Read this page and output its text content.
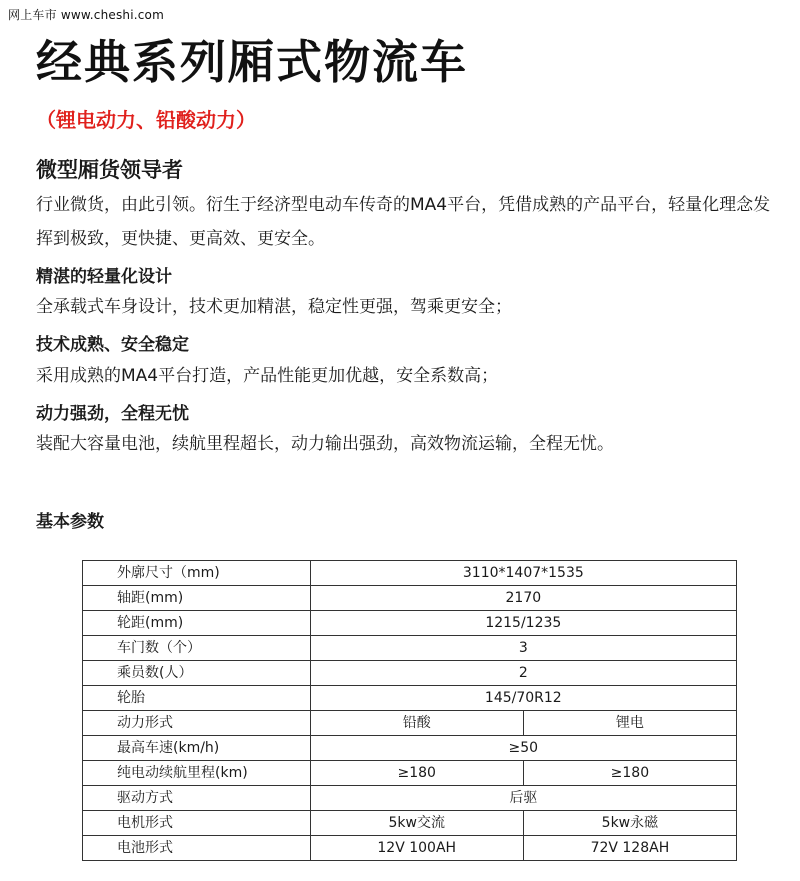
网上车市 www.cheshi.com
经典系列厢式物流车

（锂电动力、铅酸动力）

微型厢货领导者

行业微货，由此引领。衍生于经济型电动车传奇的MA4平台，凭借成熟的产品平台，轻量化理念发挥到极致，更快捷、更高效、更安全。

精湛的轻量化设计

全承载式车身设计，技术更加精湛，稳定性更强，驾乘更安全；

技术成熟、安全稳定

采用成熟的MA4平台打造，产品性能更加优越，安全系数高；

动力强劲，全程无忧

装配大容量电池，续航里程超长，动力输出强劲，高效物流运输，全程无忧。

基本参数
外廓尺寸（mm)	3110*1407*1535	
轴距(mm)	2170	
轮距(mm)	1215/1235	
车门数（个）	3	
乘员数(人）	2	
轮胎	145/70R12	
动力形式	铅酸	锂电
最高车速(km/h)	≥50	
纯电动续航里程(km)	≥180	≥180
驱动方式	后驱	
电机形式	5kw交流	5kw永磁
电池形式	12V 100AH	72V 128AH
